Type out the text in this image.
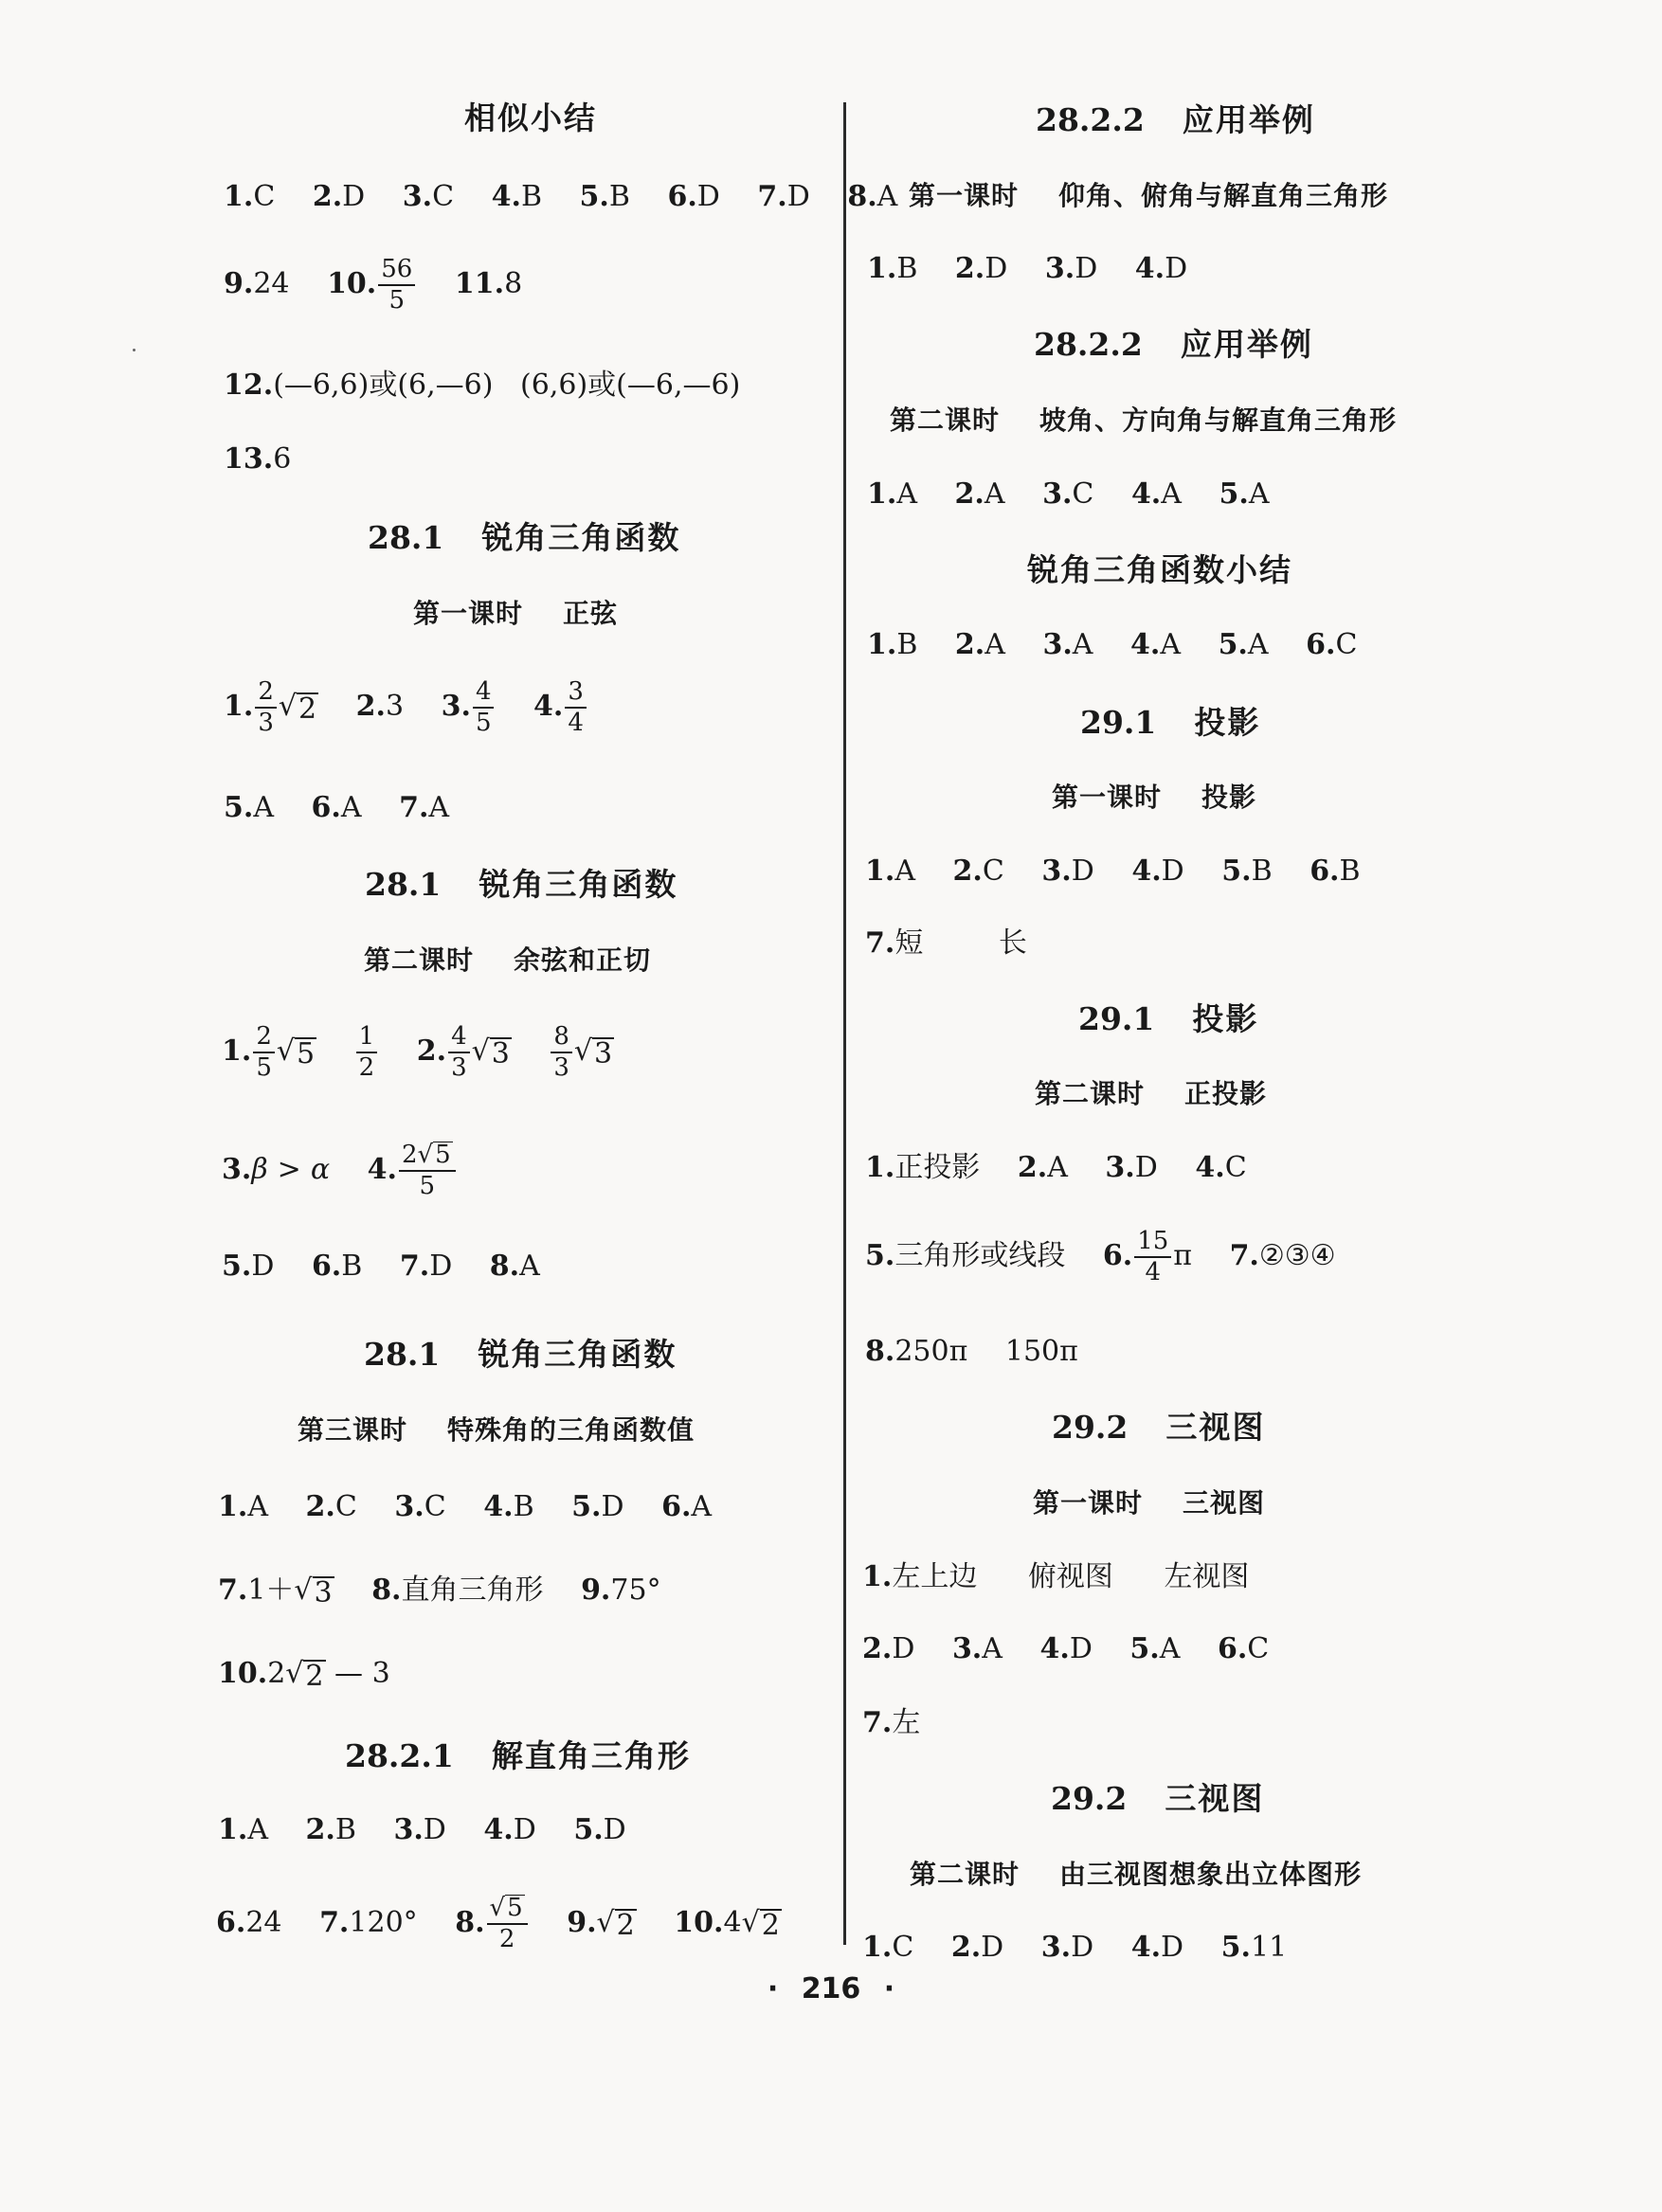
相似小结
1.C 2.D 3.C 4.B 5.B 6.D 7.D 8.A
9.24 10. $\frac{56}{5} 11.8$
12.(—6,6)或(6,—6)   (6,6)或(—6,—6)
13.6
28.1 锐角三角函数
第一课时 正弦
1. $\frac{2}{3}$ √ 2 2.3 3. $\frac{4}{5} 4$. $\frac{3}{4}$
5.A 6.A 7.A
28.1 锐角三角函数
第二课时 余弦和正切
1. $\frac{2}{5}$ √ 5
$\frac{1}{2} 2$. $\frac{4}{3}$ √ 3
$\frac{8}{3}$ √ 3
3.β > α 4. $\frac{2 √ 5}{5}$
5.D 6.B 7.D 8.A
28.1 锐角三角函数
第三课时 特殊角的三角函数值
1.A 2.C 3.C 4.B 5.D 6.A
7.1＋ √ 3 8.直角三角形 9.75°
10.2 √ 2 — 3
28.2.1 解直角三角形
1.A 2.B 3.D 4.D 5.D
6.24 7.120° 8. $\frac{√ 5}{2} 9$. √ 2 10.4 √ 2
28.2.2 应用举例
第一课时 仰角、俯角与解直角三角形
1.B 2.D 3.D 4.D
28.2.2 应用举例
第二课时 坡角、方向角与解直角三角形
1.A 2.A 3.C 4.A 5.A
锐角三角函数小结
1.B 2.A 3.A 4.A 5.A 6.C
29.1 投影
第一课时 投影
1.A 2.C 3.D 4.D 5.B 6.B
7.短	长
29.1 投影
第二课时 正投影
1.正投影 2.A 3.D 4.C
5.三角形或线段 6. $\frac{15}{4}$ π 7.②③④
8.250π 150π
29.2 三视图
第一课时 三视图
1.左上边 俯视图 左视图
2.D 3.A 4.D 5.A 6.C
7.左
29.2 三视图
第二课时 由三视图想象出立体图形
1.C 2.D 3.D 4.D 5.11
· 216 ·
